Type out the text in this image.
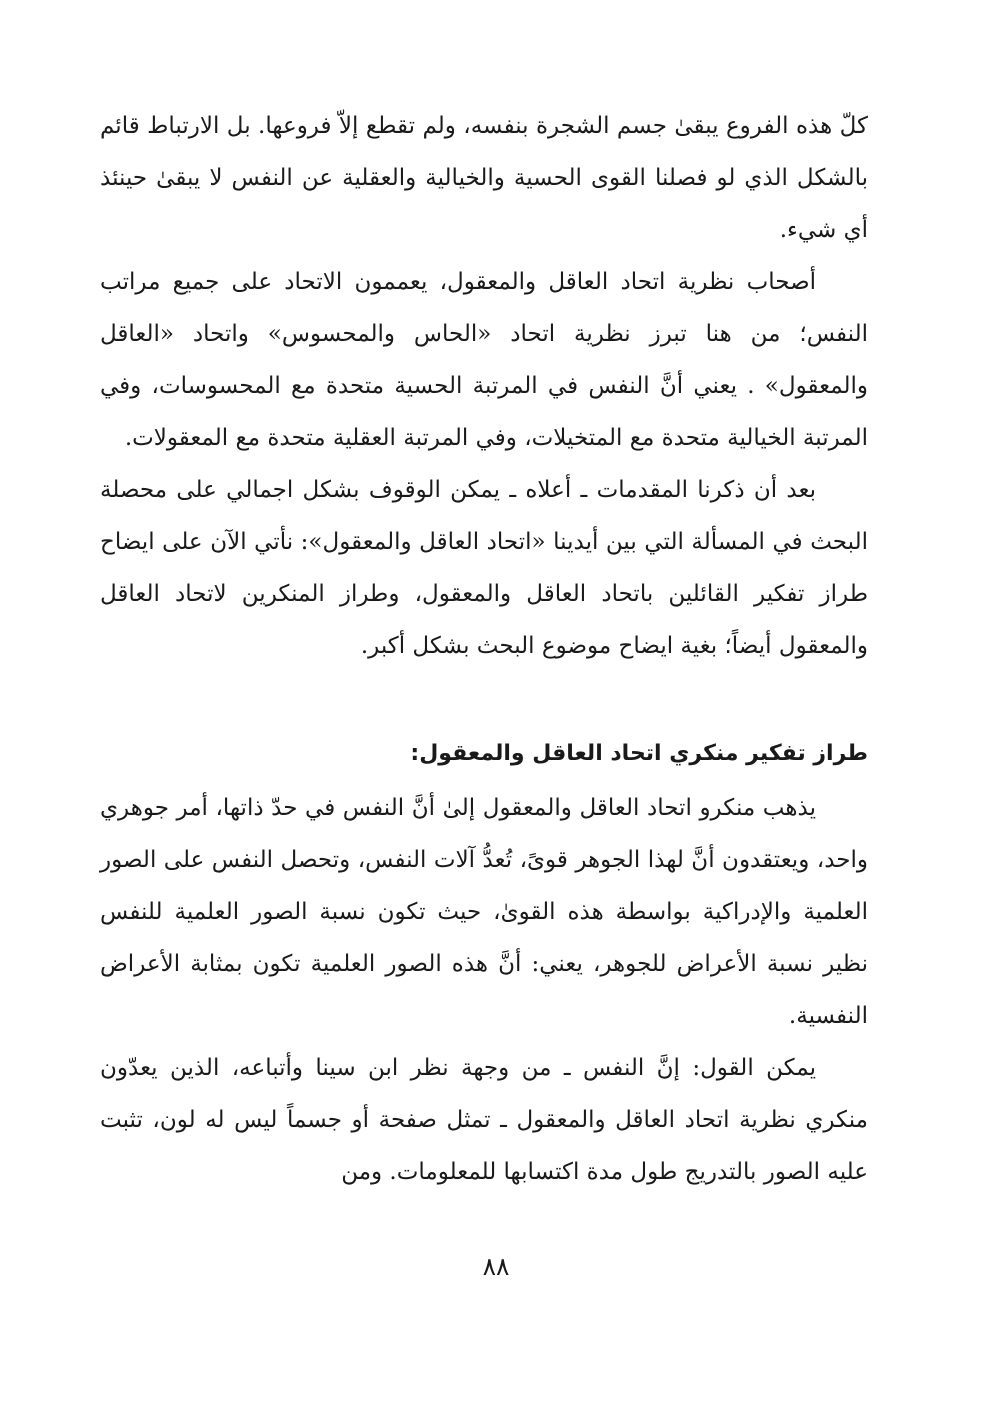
كلّ هذه الفروع يبقىٰ جسم الشجرة بنفسه، ولم تقطع إلاّ فروعها. بل الارتباط قائم بالشكل الذي لو فصلنا القوى الحسية والخيالية والعقلية عن النفس لا يبقىٰ حينئذ أي شيء.

أصحاب نظرية اتحاد العاقل والمعقول، يعممون الاتحاد على جميع مراتب النفس؛ من هنا تبرز نظرية اتحاد «الحاس والمحسوس» واتحاد «العاقل والمعقول» . يعني أنَّ النفس في المرتبة الحسية متحدة مع المحسوسات، وفي المرتبة الخيالية متحدة مع المتخيلات، وفي المرتبة العقلية متحدة مع المعقولات.

بعد أن ذكرنا المقدمات ـ أعلاه ـ يمكن الوقوف بشكل اجمالي على محصلة البحث في المسألة التي بين أيدينا «اتحاد العاقل والمعقول»: نأتي الآن على ايضاح طراز تفكير القائلين باتحاد العاقل والمعقول، وطراز المنكرين لاتحاد العاقل والمعقول أيضاً؛ بغية ايضاح موضوع البحث بشكل أكبر.

طراز تفكير منكري اتحاد العاقل والمعقول:

يذهب منكرو اتحاد العاقل والمعقول إلىٰ أنَّ النفس في حدّ ذاتها، أمر جوهري واحد، ويعتقدون أنَّ لهذا الجوهر قوىً، تُعدُّ آلات النفس، وتحصل النفس على الصور العلمية والإدراكية بواسطة هذه القوىٰ، حيث تكون نسبة الصور العلمية للنفس نظير نسبة الأعراض للجوهر، يعني: أنَّ هذه الصور العلمية تكون بمثابة الأعراض النفسية.

يمكن القول: إنَّ النفس ـ من وجهة نظر ابن سينا وأتباعه، الذين يعدّون منكري نظرية اتحاد العاقل والمعقول ـ تمثل صفحة أو جسماً ليس له لون، تثبت عليه الصور بالتدريج طول مدة اكتسابها للمعلومات. ومن

٨٨
